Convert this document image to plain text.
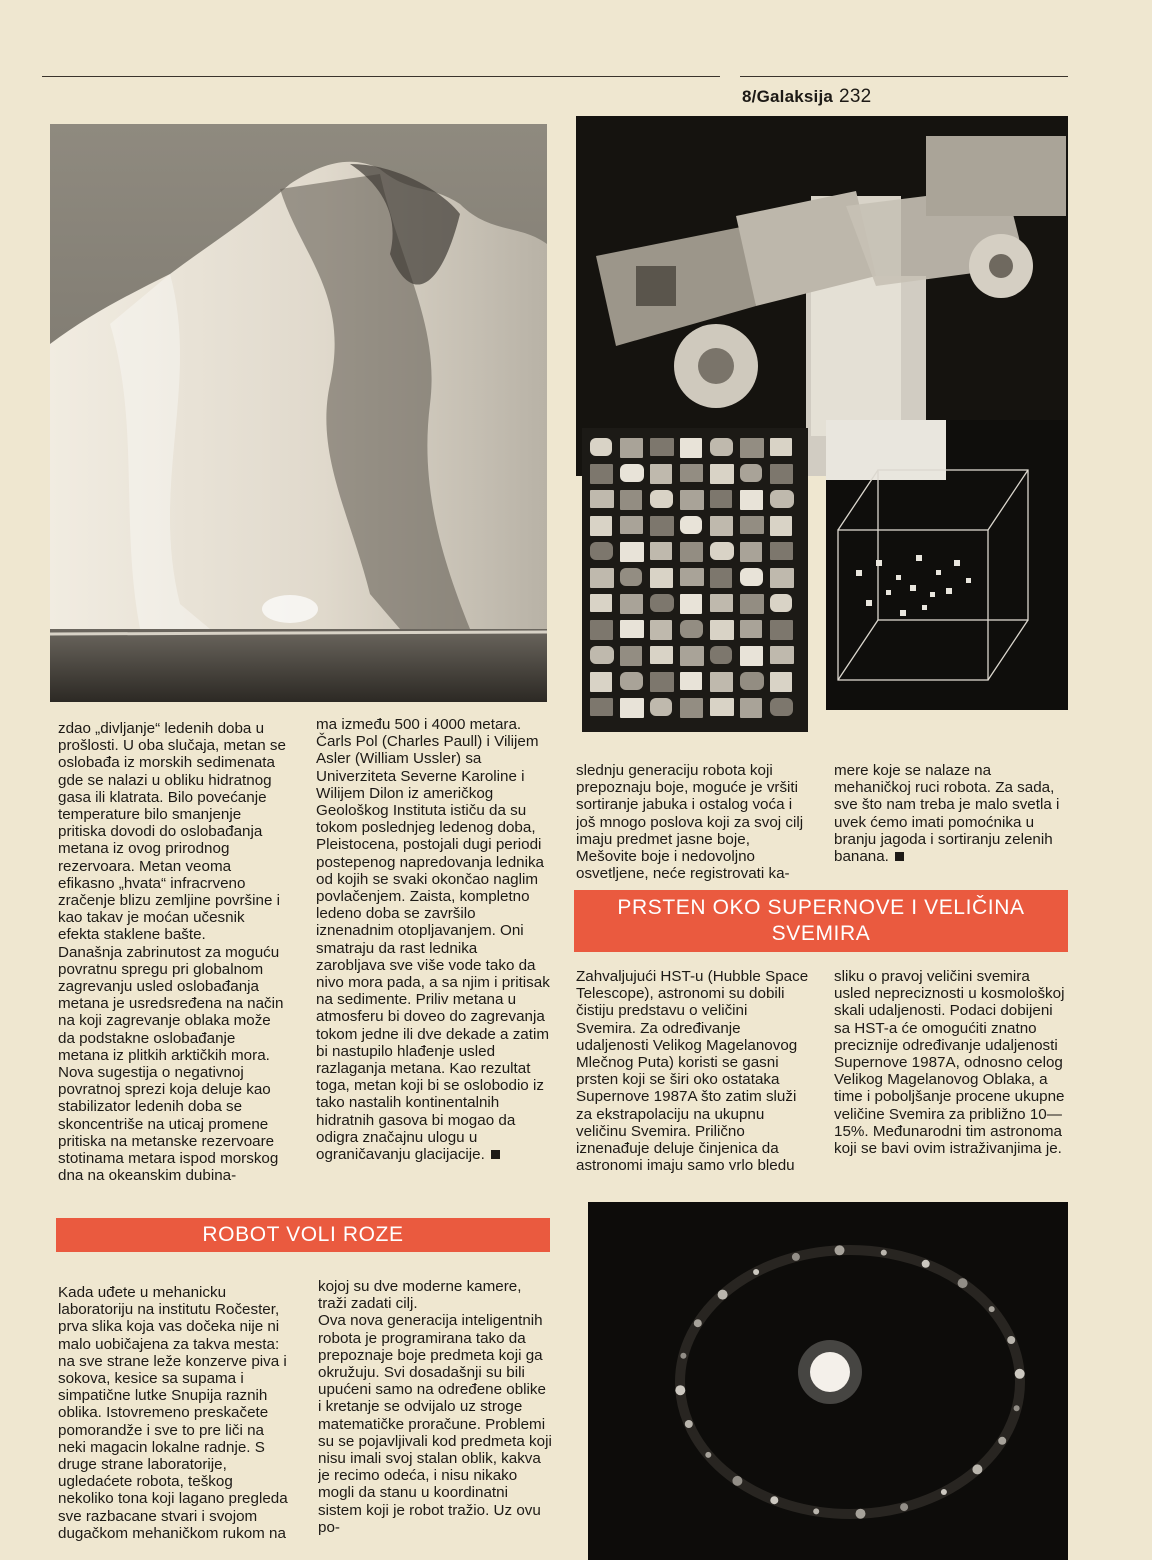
8/Galaksija 232
zdao „divljanje“ ledenih doba u prošlosti. U oba slučaja, metan se oslobađa iz morskih sedimenata gde se nalazi u obliku hidratnog gasa ili klatrata. Bilo povećanje temperature bilo smanjenje pritiska dovodi do oslobađanja metana iz ovog prirodnog rezervoara. Metan veoma efikasno „hvata“ infracrveno zračenje blizu zemljine površine i kao takav je moćan učesnik efekta staklene bašte.
Današnja zabrinutost za moguću povratnu spregu pri globalnom zagrevanju usled oslobađanja metana je usredsređena na način na koji zagrevanje oblaka može da podstakne oslobađanje metana iz plitkih arktičkih mora. Nova sugestija o negativnoj povratnoj sprezi koja deluje kao stabilizator ledenih doba se skoncentriše na uticaj promene pritiska na metanske rezervoare stotinama metara ispod morskog dna na okeanskim dubina-
ma između 500 i 4000 metara. Čarls Pol (Charles Paull) i Vilijem Asler (William Ussler) sa Univerziteta Severne Karoline i Wilijem Dilon iz američkog Geološkog Instituta ističu da su tokom poslednjeg ledenog doba, Pleistocena, postojali dugi periodi postepenog napredovanja lednika od kojih se svaki okončao naglim povlačenjem. Zaista, kompletno ledeno doba se završilo iznenadnim otopljavanjem. Oni smatraju da rast lednika zarobljava sve više vode tako da nivo mora pada, a sa njim i pritisak na sedimente. Priliv metana u atmosferu bi doveo do zagrevanja tokom jedne ili dve dekade a zatim bi nastupilo hlađenje usled razlaganja metana. Kao rezultat toga, metan koji bi se oslobodio iz tako nastalih kontinentalnih hidratnih gasova bi mogao da odigra značajnu ulogu u ograničavanju glacijacije.
ROBOT VOLI ROZE
Kada uđete u mehanicku laboratoriju na institutu Ročester, prva slika koja vas dočeka nije ni malo uobičajena za takva mesta: na sve strane leže konzerve piva i sokova, kesice sa supama i simpatične lutke Snupija raznih oblika. Istovremeno preskačete pomorandže i sve to pre liči na neki magacin lokalne radnje. S druge strane laboratorije, ugledaćete robota, teškog nekoliko tona koji lagano pregleda sve razbacane stvari i svojom dugačkom mehaničkom rukom na
kojoj su dve moderne kamere, traži zadati cilj.
Ova nova generacija inteligentnih robota je programirana tako da prepoznaje boje predmeta koji ga okružuju. Svi dosadašnji su bili upućeni samo na određene oblike i kretanje se odvijalo uz stroge matematičke proračune. Problemi su se pojavljivali kod predmeta koji nisu imali svoj stalan oblik, kakva je recimo odeća, i nisu nikako mogli da stanu u koordinatni sistem koji je robot tražio. Uz ovu po-
slednju generaciju robota koji prepoznaju boje, moguće je vršiti sortiranje jabuka i ostalog voća i još mnogo poslova koji za svoj cilj imaju predmet jasne boje, Mešovite boje i nedovoljno osvetljene, neće registrovati ka-
mere koje se nalaze na mehaničkoj ruci robota. Za sada, sve što nam treba je malo svetla i uvek ćemo imati pomoćnika u branju jagoda i sortiranju zelenih banana.
PRSTEN OKO SUPERNOVE I VELIČINA
SVEMIRA
Zahvaljujući HST-u (Hubble Space Telescope), astronomi su dobili čistiju predstavu o veličini Svemira. Za određivanje udaljenosti Velikog Magelanovog Mlečnog Puta) koristi se gasni prsten koji se širi oko ostataka Supernove 1987A što zatim služi za ekstrapolaciju na ukupnu veličinu Svemira. Prilično iznenađuje deluje činjenica da astronomi imaju samo vrlo bledu
sliku o pravoj veličini svemira usled nepreciznosti u kosmološkoj skali udaljenosti. Podaci dobijeni sa HST-a će omogućiti znatno preciznije određivanje udaljenosti Supernove 1987A, odnosno celog Velikog Magelanovog Oblaka, a time i poboljšanje procene ukupne veličine Svemira za približno 10—15%. Međunarodni tim astronoma koji se bavi ovim istraživanjima je.
